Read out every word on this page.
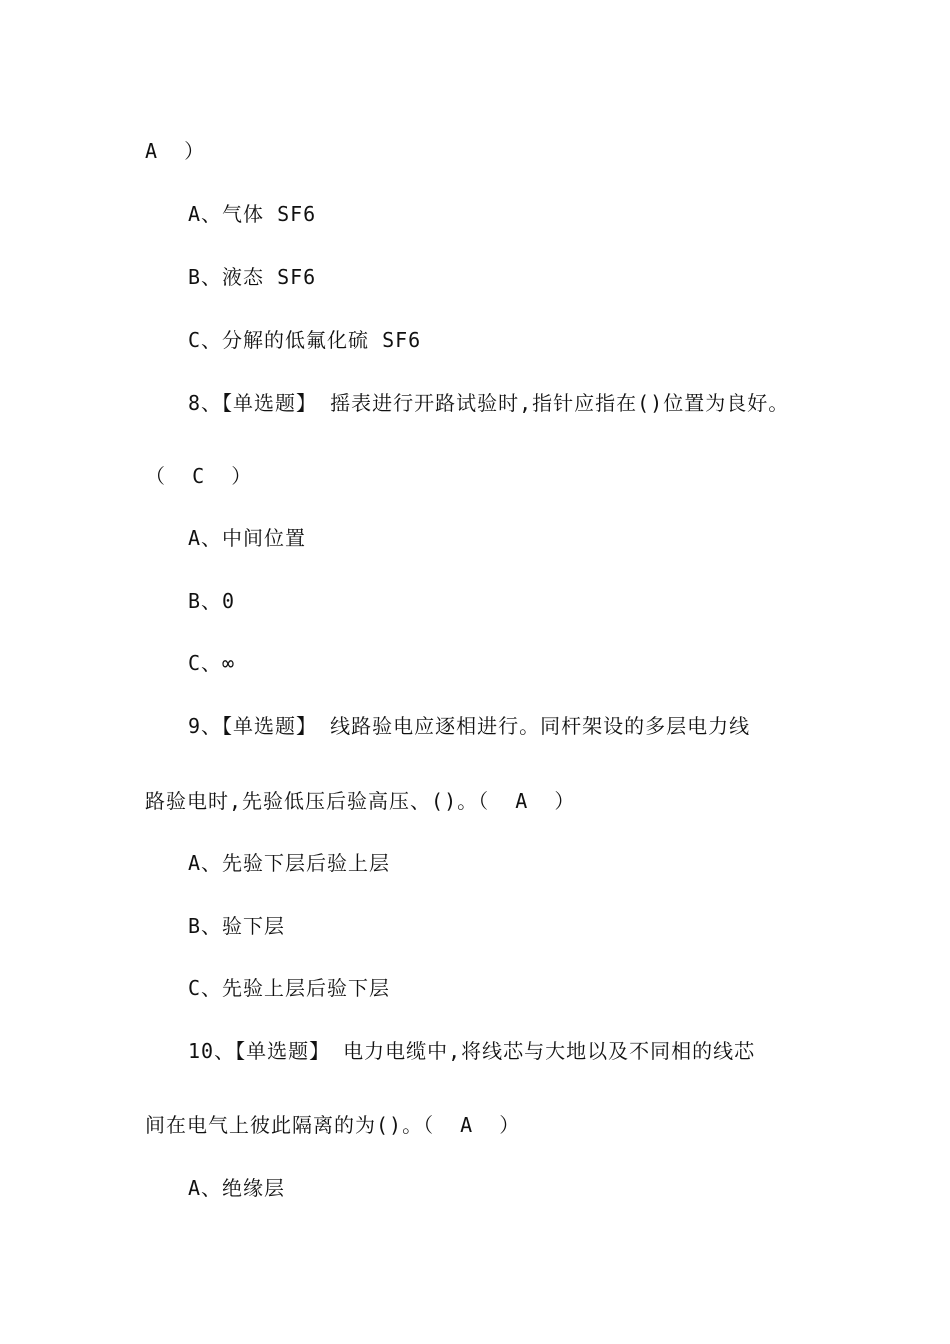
A  ）
A、气体 SF6
B、液态 SF6
C、分解的低氟化硫 SF6
8、【单选题】 摇表进行开路试验时,指针应指在()位置为良好。
（  C  ）
A、中间位置
B、0
C、∞
9、【单选题】 线路验电应逐相进行。同杆架设的多层电力线
路验电时,先验低压后验高压、()。（  A  ）
A、先验下层后验上层
B、验下层
C、先验上层后验下层
10、【单选题】 电力电缆中,将线芯与大地以及不同相的线芯
间在电气上彼此隔离的为()。（  A  ）
A、绝缘层
